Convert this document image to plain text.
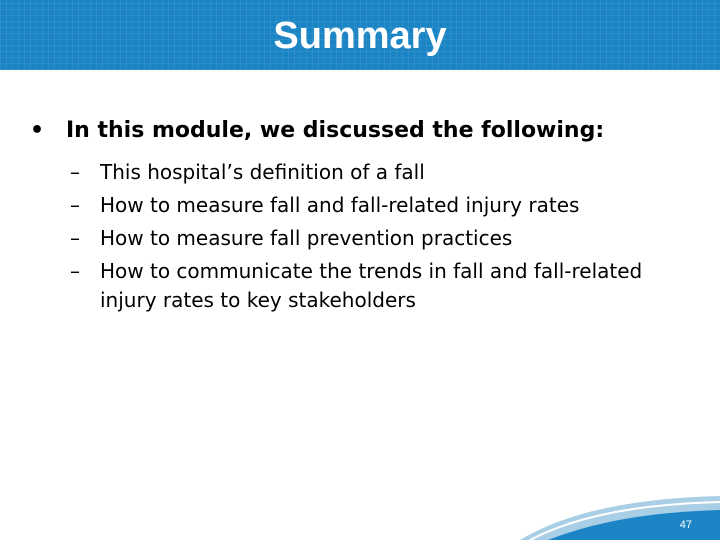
Summary
• In this module, we discussed the following:
– This hospital’s definition of a fall
– How to measure fall and fall-related injury rates
– How to measure fall prevention practices
– How to communicate the trends in fall and fall-related injury rates to key stakeholders
47
